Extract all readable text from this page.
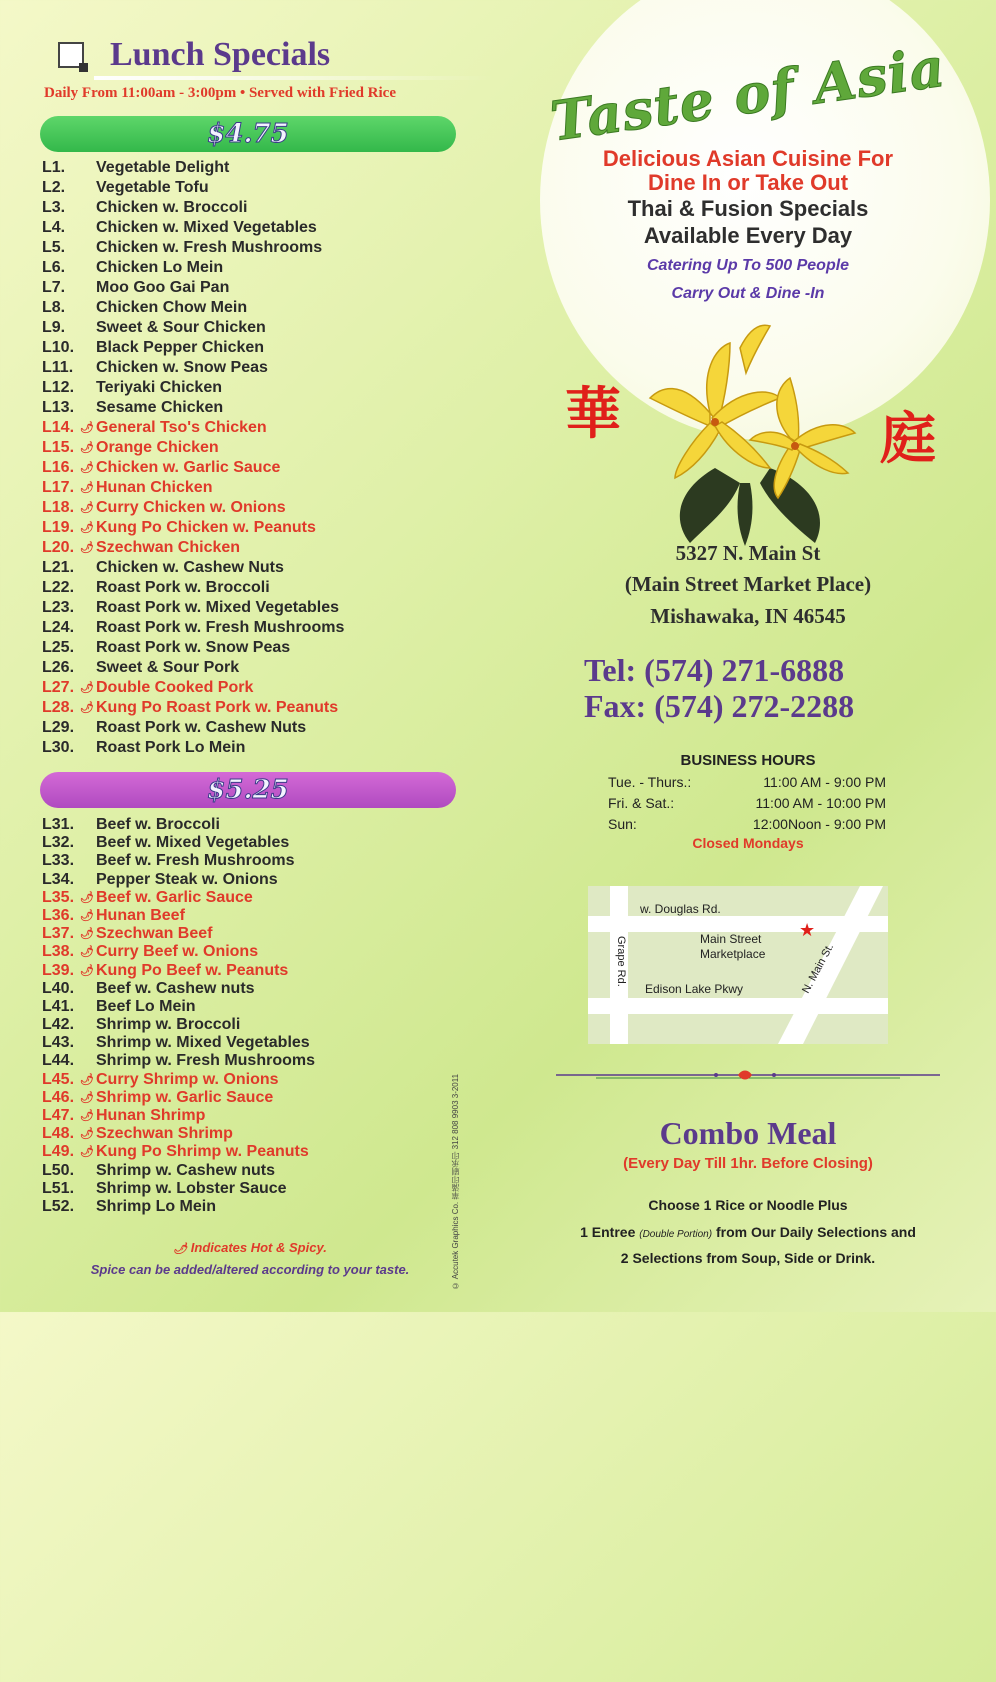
Lunch Specials
Daily From 11:00am - 3:00pm • Served with Fried Rice
$4.75
L1.	Vegetable Delight
L2.	Vegetable Tofu
L3.	Chicken w. Broccoli
L4.	Chicken w. Mixed Vegetables
L5.	Chicken w. Fresh Mushrooms
L6.	Chicken Lo Mein
L7.	Moo Goo Gai Pan
L8.	Chicken Chow Mein
L9.	Sweet & Sour Chicken
L10.	Black Pepper Chicken
L11.	Chicken w. Snow Peas
L12.	Teriyaki Chicken
L13.	Sesame Chicken
L14. 🌶 General Tso's Chicken
L15. 🌶 Orange Chicken
L16. 🌶 Chicken w. Garlic Sauce
L17. 🌶 Hunan Chicken
L18. 🌶 Curry Chicken w. Onions
L19. 🌶 Kung Po Chicken w. Peanuts
L20. 🌶 Szechwan Chicken
L21.	Chicken w. Cashew Nuts
L22.	Roast Pork w. Broccoli
L23.	Roast Pork w. Mixed Vegetables
L24.	Roast Pork w. Fresh Mushrooms
L25.	Roast Pork w. Snow Peas
L26.	Sweet & Sour Pork
L27. 🌶 Double Cooked Pork
L28. 🌶 Kung Po Roast Pork w. Peanuts
L29.	Roast Pork w. Cashew Nuts
L30.	Roast Pork Lo Mein
$5.25
L31.	Beef w. Broccoli
L32.	Beef w. Mixed Vegetables
L33.	Beef w. Fresh Mushrooms
L34.	Pepper Steak w. Onions
L35. 🌶 Beef w. Garlic Sauce
L36. 🌶 Hunan Beef
L37. 🌶 Szechwan Beef
L38. 🌶 Curry Beef w. Onions
L39. 🌶 Kung Po Beef w. Peanuts
L40.	Beef w. Cashew nuts
L41.	Beef Lo Mein
L42.	Shrimp w. Broccoli
L43.	Shrimp w. Mixed Vegetables
L44.	Shrimp w. Fresh Mushrooms
L45. 🌶 Curry Shrimp w. Onions
L46. 🌶 Shrimp w. Garlic Sauce
L47. 🌶 Hunan Shrimp
L48. 🌶 Szechwan Shrimp
L49. 🌶 Kung Po Shrimp w. Peanuts
L50.	Shrimp w. Cashew nuts
L51.	Shrimp w. Lobster Sauce
L52.	Shrimp Lo Mein
🌶 Indicates Hot & Spicy.
Spice can be added/altered according to your taste.	© Accutek Graphics Co. 華滿印刷承印 312 808 9903 3-2011
Taste of Asia
Delicious Asian Cuisine For
Dine In or Take Out
Thai & Fusion Specials
Available Every Day
Catering Up To 500 People
Carry Out & Dine -In
華	庭
5327 N. Main St
(Main Street Market Place)
Mishawaka, IN 46545
Tel: (574) 271-6888
Fax: (574) 272-2288
BUSINESS HOURS
Tue. - Thurs.:	11:00 AM - 9:00 PM
Fri. & Sat.:	11:00 AM - 10:00 PM
Sun:	12:00Noon - 9:00 PM
Closed Mondays
w. Douglas Rd.
Edison Lake Pkwy
Grape Rd.	N. Main St.
Main Street
Marketplace
★
Combo Meal
(Every Day Till 1hr. Before Closing)
Choose 1 Rice or Noodle Plus
1 Entree (Double Portion) from Our Daily Selections and
2 Selections from Soup, Side or Drink.
